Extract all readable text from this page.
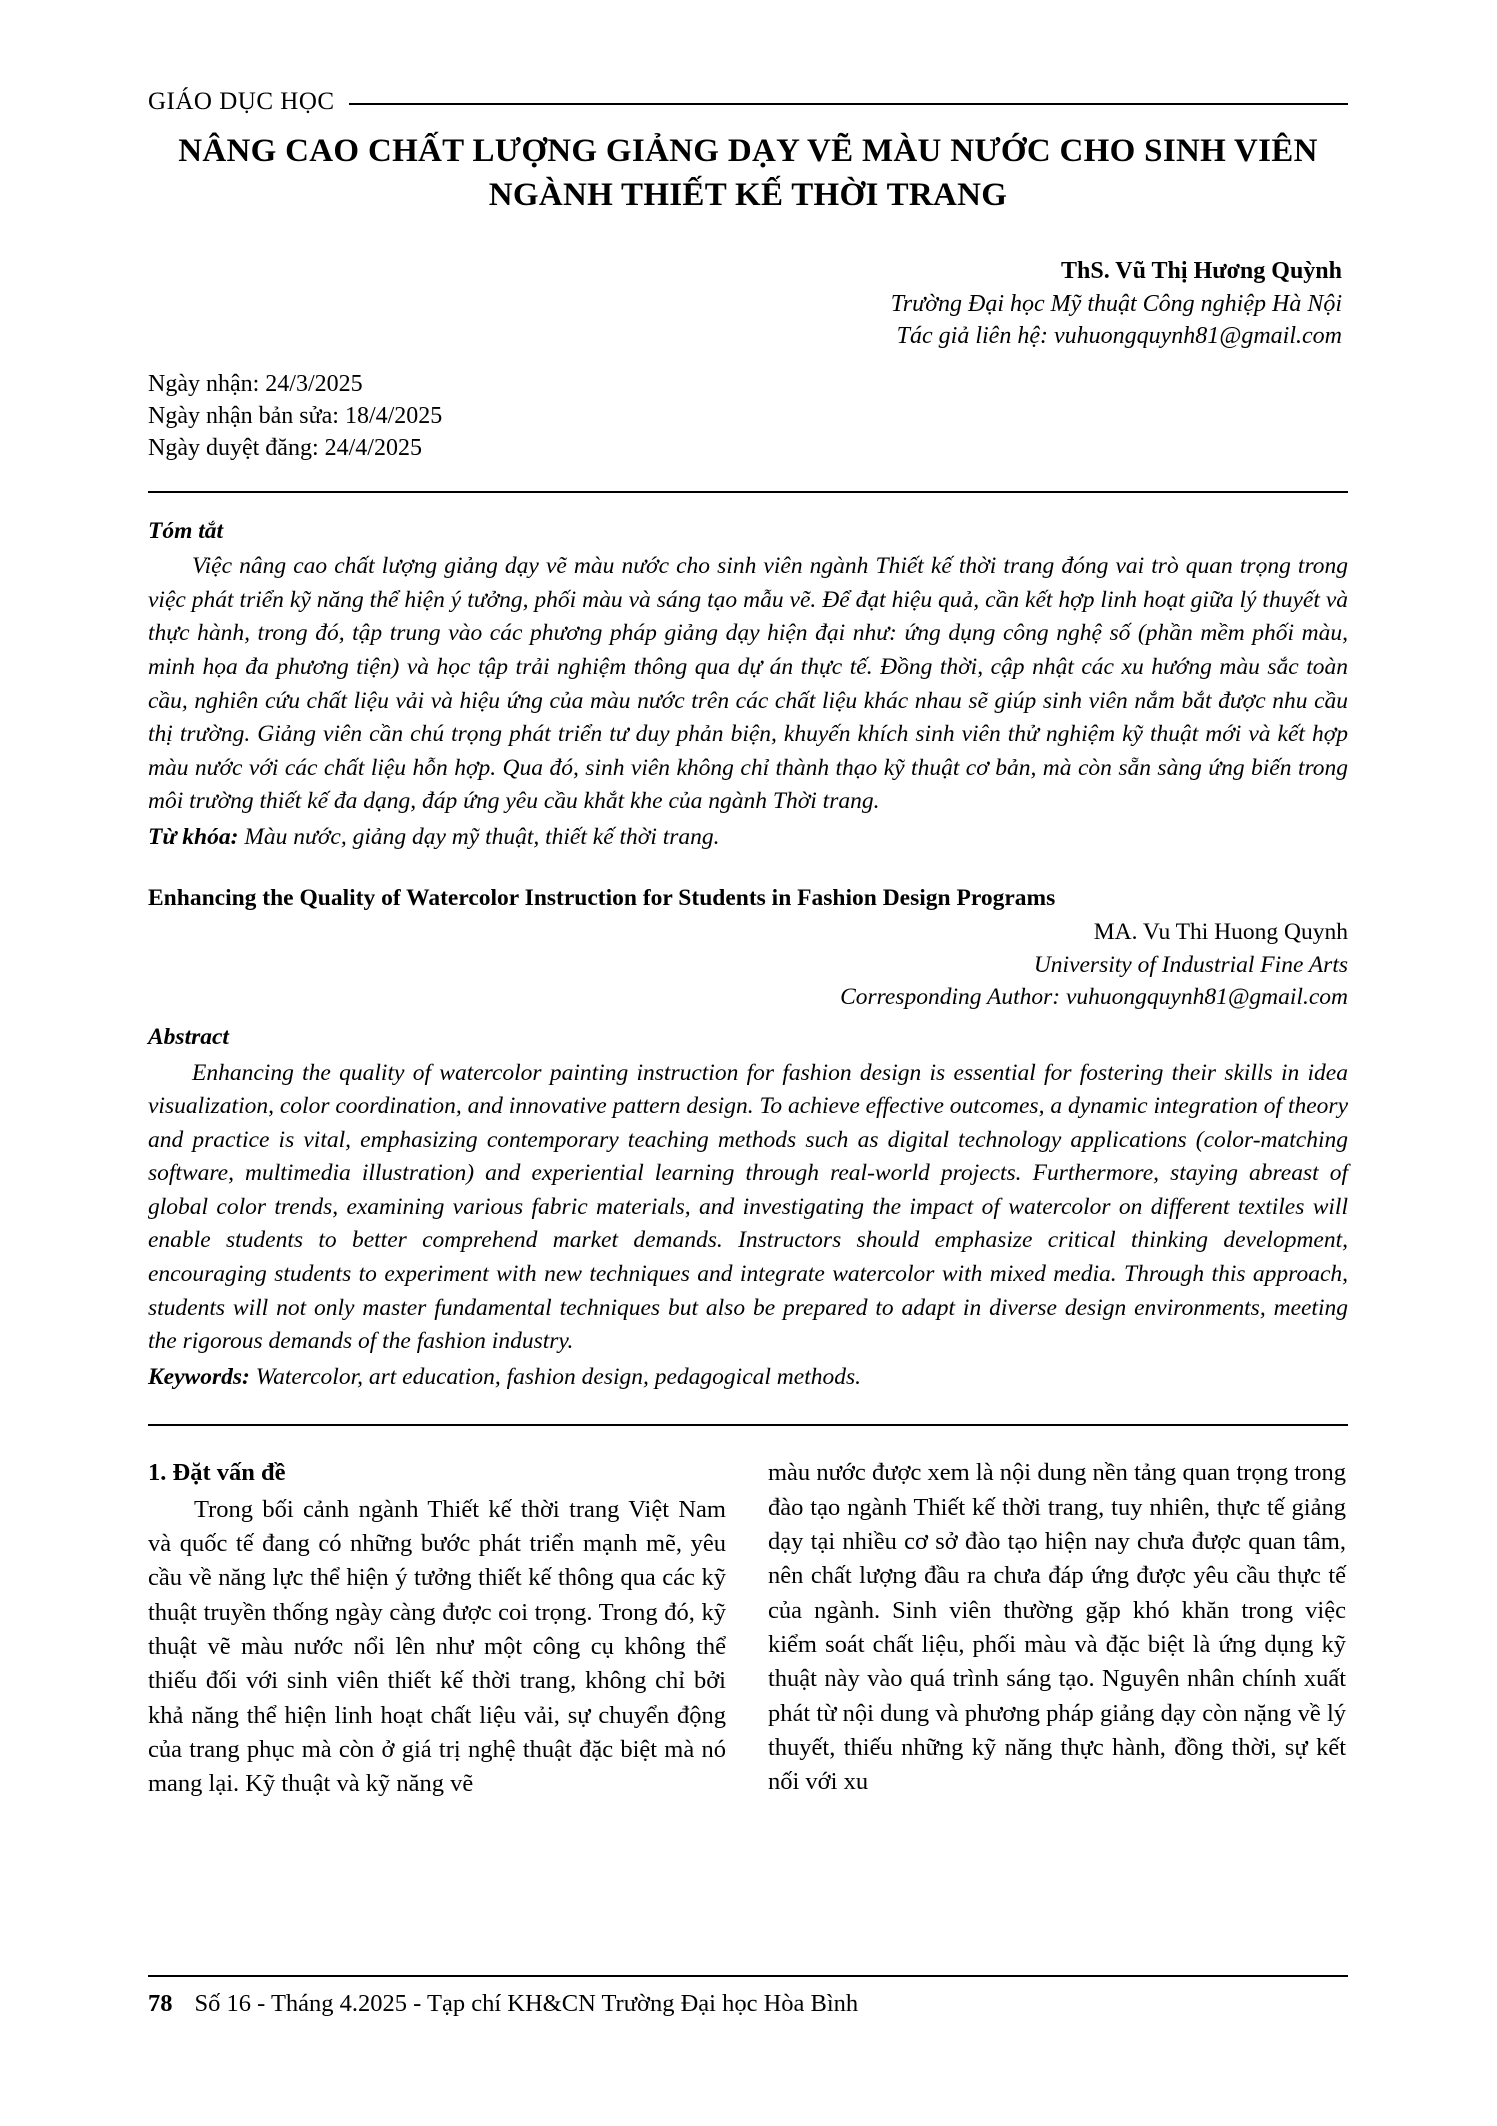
GIÁO DỤC HỌC
NÂNG CAO CHẤT LƯỢNG GIẢNG DẠY VẼ MÀU NƯỚC CHO SINH VIÊN NGÀNH THIẾT KẾ THỜI TRANG
ThS. Vũ Thị Hương Quỳnh
Trường Đại học Mỹ thuật Công nghiệp Hà Nội
Tác giả liên hệ: vuhuongquynh81@gmail.com
Ngày nhận: 24/3/2025
Ngày nhận bản sửa: 18/4/2025
Ngày duyệt đăng: 24/4/2025
Tóm tắt

Việc nâng cao chất lượng giảng dạy vẽ màu nước cho sinh viên ngành Thiết kế thời trang đóng vai trò quan trọng trong việc phát triển kỹ năng thể hiện ý tưởng, phối màu và sáng tạo mẫu vẽ. Để đạt hiệu quả, cần kết hợp linh hoạt giữa lý thuyết và thực hành, trong đó, tập trung vào các phương pháp giảng dạy hiện đại như: ứng dụng công nghệ số (phần mềm phối màu, minh họa đa phương tiện) và học tập trải nghiệm thông qua dự án thực tế. Đồng thời, cập nhật các xu hướng màu sắc toàn cầu, nghiên cứu chất liệu vải và hiệu ứng của màu nước trên các chất liệu khác nhau sẽ giúp sinh viên nắm bắt được nhu cầu thị trường. Giảng viên cần chú trọng phát triển tư duy phản biện, khuyến khích sinh viên thử nghiệm kỹ thuật mới và kết hợp màu nước với các chất liệu hỗn hợp. Qua đó, sinh viên không chỉ thành thạo kỹ thuật cơ bản, mà còn sẵn sàng ứng biến trong môi trường thiết kế đa dạng, đáp ứng yêu cầu khắt khe của ngành Thời trang.

Từ khóa: Màu nước, giảng dạy mỹ thuật, thiết kế thời trang.
Enhancing the Quality of Watercolor Instruction for Students in Fashion Design Programs
MA. Vu Thi Huong Quynh
University of Industrial Fine Arts
Corresponding Author: vuhuongquynh81@gmail.com
Abstract

Enhancing the quality of watercolor painting instruction for fashion design is essential for fostering their skills in idea visualization, color coordination, and innovative pattern design. To achieve effective outcomes, a dynamic integration of theory and practice is vital, emphasizing contemporary teaching methods such as digital technology applications (color-matching software, multimedia illustration) and experiential learning through real-world projects. Furthermore, staying abreast of global color trends, examining various fabric materials, and investigating the impact of watercolor on different textiles will enable students to better comprehend market demands. Instructors should emphasize critical thinking development, encouraging students to experiment with new techniques and integrate watercolor with mixed media. Through this approach, students will not only master fundamental techniques but also be prepared to adapt in diverse design environments, meeting the rigorous demands of the fashion industry.

Keywords: Watercolor, art education, fashion design, pedagogical methods.
1. Đặt vấn đề

Trong bối cảnh ngành Thiết kế thời trang Việt Nam và quốc tế đang có những bước phát triển mạnh mẽ, yêu cầu về năng lực thể hiện ý tưởng thiết kế thông qua các kỹ thuật truyền thống ngày càng được coi trọng. Trong đó, kỹ thuật vẽ màu nước nổi lên như một công cụ không thể thiếu đối với sinh viên thiết kế thời trang, không chỉ bởi khả năng thể hiện linh hoạt chất liệu vải, sự chuyển động của trang phục mà còn ở giá trị nghệ thuật đặc biệt mà nó mang lại. Kỹ thuật và kỹ năng vẽ

màu nước được xem là nội dung nền tảng quan trọng trong đào tạo ngành Thiết kế thời trang, tuy nhiên, thực tế giảng dạy tại nhiều cơ sở đào tạo hiện nay chưa được quan tâm, nên chất lượng đầu ra chưa đáp ứng được yêu cầu thực tế của ngành. Sinh viên thường gặp khó khăn trong việc kiểm soát chất liệu, phối màu và đặc biệt là ứng dụng kỹ thuật này vào quá trình sáng tạo. Nguyên nhân chính xuất phát từ nội dung và phương pháp giảng dạy còn nặng về lý thuyết, thiếu những kỹ năng thực hành, đồng thời, sự kết nối với xu

78 Số 16 - Tháng 4.2025 - Tạp chí KH&CN Trường Đại học Hòa Bình
